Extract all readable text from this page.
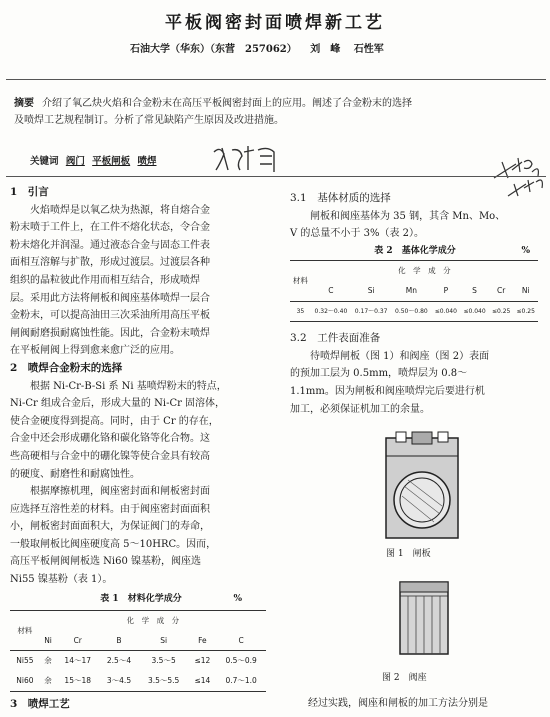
平板阀密封面喷焊新工艺
石油大学（华东）（东营 257062） 刘　峰 石性军
摘要 介绍了氧乙炔火焰和合金粉末在高压平板阀密封面上的应用。阐述了合金粉末的选择
及喷焊工艺规程制订。分析了常见缺陷产生原因及改进措施。
关键词 阀门 平板闸板 喷焊
1　引言

火焰喷焊是以氧乙炔为热源，将自熔合金

粉末喷于工件上，在工件不熔化状态，令合金
粉末熔化并润湿。通过液态合金与固态工件表
面相互溶解与扩散，形成过渡层。过渡层各种
组织的晶粒彼此作用而相互结合，形成喷焊
层。采用此方法将闸板和阀座基体喷焊一层合
金粉末，可以提高油田三次采油所用高压平板
闸阀耐磨损耐腐蚀性能。因此，合金粉末喷焊
在平板闸阀上得到愈来愈广泛的应用。
2　喷焊合金粉末的选择

根据 Ni-Cr-B-Si 系 Ni 基喷焊粉末的特点，

Ni-Cr 组成合金后，形成大量的 Ni-Cr 固溶体，
使合金硬度得到提高。同时，由于 Cr 的存在，
合金中还会形成硼化铬和碳化铬等化合物。这
些高硬相与合金中的硼化镍等使合金具有较高
的硬度、耐磨性和耐腐蚀性。

根据摩擦机理，阀座密封面和闸板密封面

应选择互溶性差的材料。由于阀座密封面面积
小，闸板密封面面积大，为保证阀门的寿命，
一般取闸板比阀座硬度高 5～10HRC。因而，
高压平板闸阀闸板选 Ni60 镍基粉，阀座选
Ni55 镍基粉（表 1）。
表 1　材料化学成分	%
材料	化　学　成　分					
	Ni	Cr	B	Si	Fe	C
Ni55	余	14～17	2.5～4	3.5～5	≤12	0.5～0.9
Ni60	余	15～18	3～4.5	3.5～5.5	≤14	0.7～1.0
3　喷焊工艺
3.1　基体材质的选择

闸板和阀座基体为 35 钢，其含 Mn、Mo、

V 的总量不小于 3%（表 2）。
表 2　基体化学成分	%
材料	化　学　成　分						
	C	Si	Mn	P	S	Cr	Ni
35	0.32～0.40	0.17～0.37	0.50～0.80	≤0.040	≤0.040	≤0.25	≤0.25
3.2　工件表面准备

待喷焊闸板（图 1）和阀座（图 2）表面

的预加工层为 0.5mm，喷焊层为 0.8～
1.1mm。因为闸板和阀座喷焊完后要进行机
加工，必须保证机加工的余量。
图 1　闸板
图 2　阀座
经过实践，阀座和闸板的加工方法分别是
